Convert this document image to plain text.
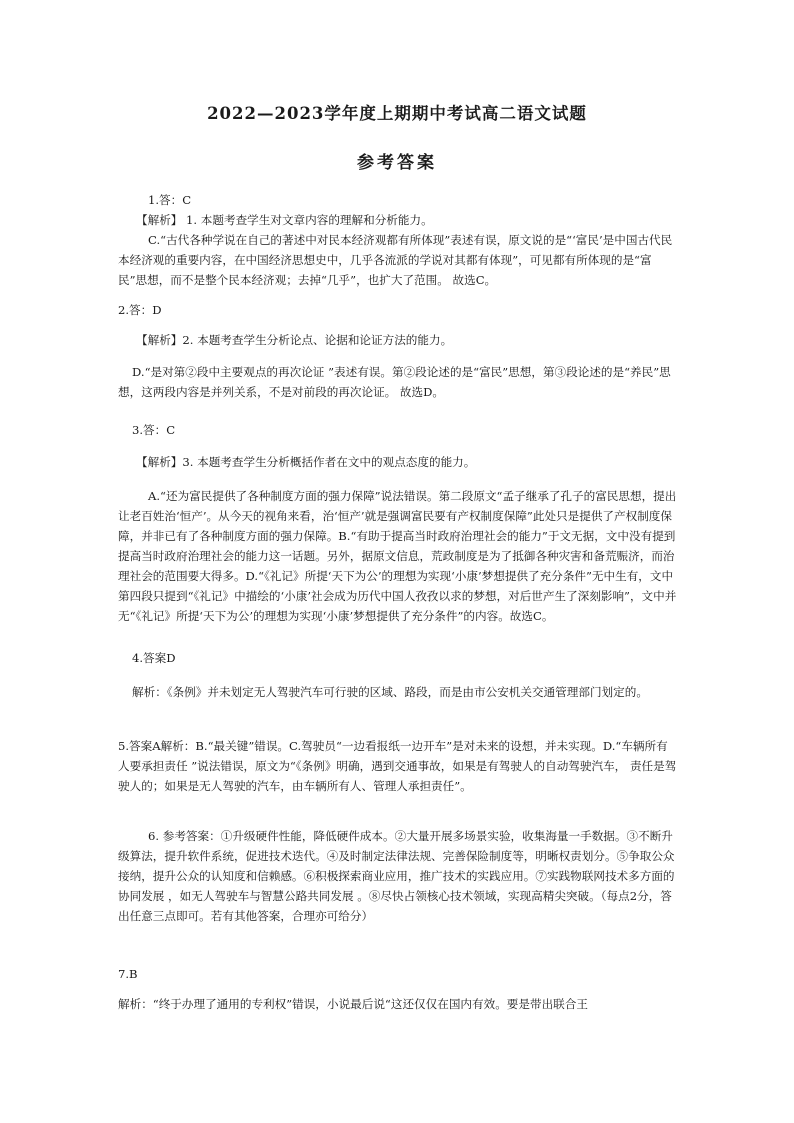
2022—2023学年度上期期中考试高二语文试题
参考答案

1.答：C

【解析】 1. 本题考查学生对文章内容的理解和分析能力。

C.“古代各种学说在自己的著述中对民本经济观都有所体现”表述有误，原文说的是“‘富民’是中国古代民本经济观的重要内容，在中国经济思想史中，几乎各流派的学说对其都有体现”，可见都有所体现的是“富民”思想，而不是整个民本经济观；去掉“几乎”，也扩大了范围。 故选C。

2.答：D

【解析】2. 本题考查学生分析论点、论据和论证方法的能力。

D.“是对第②段中主要观点的再次论证 ”表述有误。第②段论述的是“富民”思想，第③段论述的是“养民”思想，这两段内容是并列关系，不是对前段的再次论证。 故选D。

3.答：C

【解析】3. 本题考查学生分析概括作者在文中的观点态度的能力。

A.“还为富民提供了各种制度方面的强力保障”说法错误。第二段原文“孟子继承了孔子的富民思想，提出让老百姓治‘恒产’。从今天的视角来看，治‘恒产’就是强调富民要有产权制度保障”此处只是提供了产权制度保障，并非已有了各种制度方面的强力保障。B.“有助于提高当时政府治理社会的能力”于文无据，文中没有提到提高当时政府治理社会的能力这一话题。另外，据原文信息，荒政制度是为了抵御各种灾害和备荒赈济，而治理社会的范围要大得多。D.“《礼记》所提‘天下为公’的理想为实现‘小康’梦想提供了充分条件”无中生有，文中第四段只提到“《礼记》中描绘的‘小康’社会成为历代中国人孜孜以求的梦想，对后世产生了深刻影响”，文中并无“《礼记》所提‘天下为公’的理想为实现‘小康’梦想提供了充分条件”的内容。故选C。

4.答案D

解析：《条例》并未划定无人驾驶汽车可行驶的区域、路段，而是由市公安机关交通管理部门划定的。

5.答案A解析：B.“最关键”错误。C.驾驶员“一边看报纸一边开车”是对未来的设想，并未实现。D.“车辆所有人要承担责任 ”说法错误，原文为“《条例》明确，遇到交通事故，如果是有驾驶人的自动驾驶汽车， 责任是驾驶人的；如果是无人驾驶的汽车，由车辆所有人、管理人承担责任”。

6. 参考答案：①升级硬件性能，降低硬件成本。②大量开展多场景实验，收集海量一手数据。③不断升级算法，提升软件系统，促进技术迭代。④及时制定法律法规、完善保险制度等，明晰权责划分。⑤争取公众接纳，提升公众的认知度和信赖感。⑥积极探索商业应用，推广技术的实践应用。⑦实践物联网技术多方面的协同发展 ，如无人驾驶车与智慧公路共同发展 。⑧尽快占领核心技术领域，实现高精尖突破。（每点2分，答出任意三点即可。若有其他答案，合理亦可给分）

7.B

解析：“终于办理了通用的专利权”错误，小说最后说“这还仅仅在国内有效。要是带出联合王
